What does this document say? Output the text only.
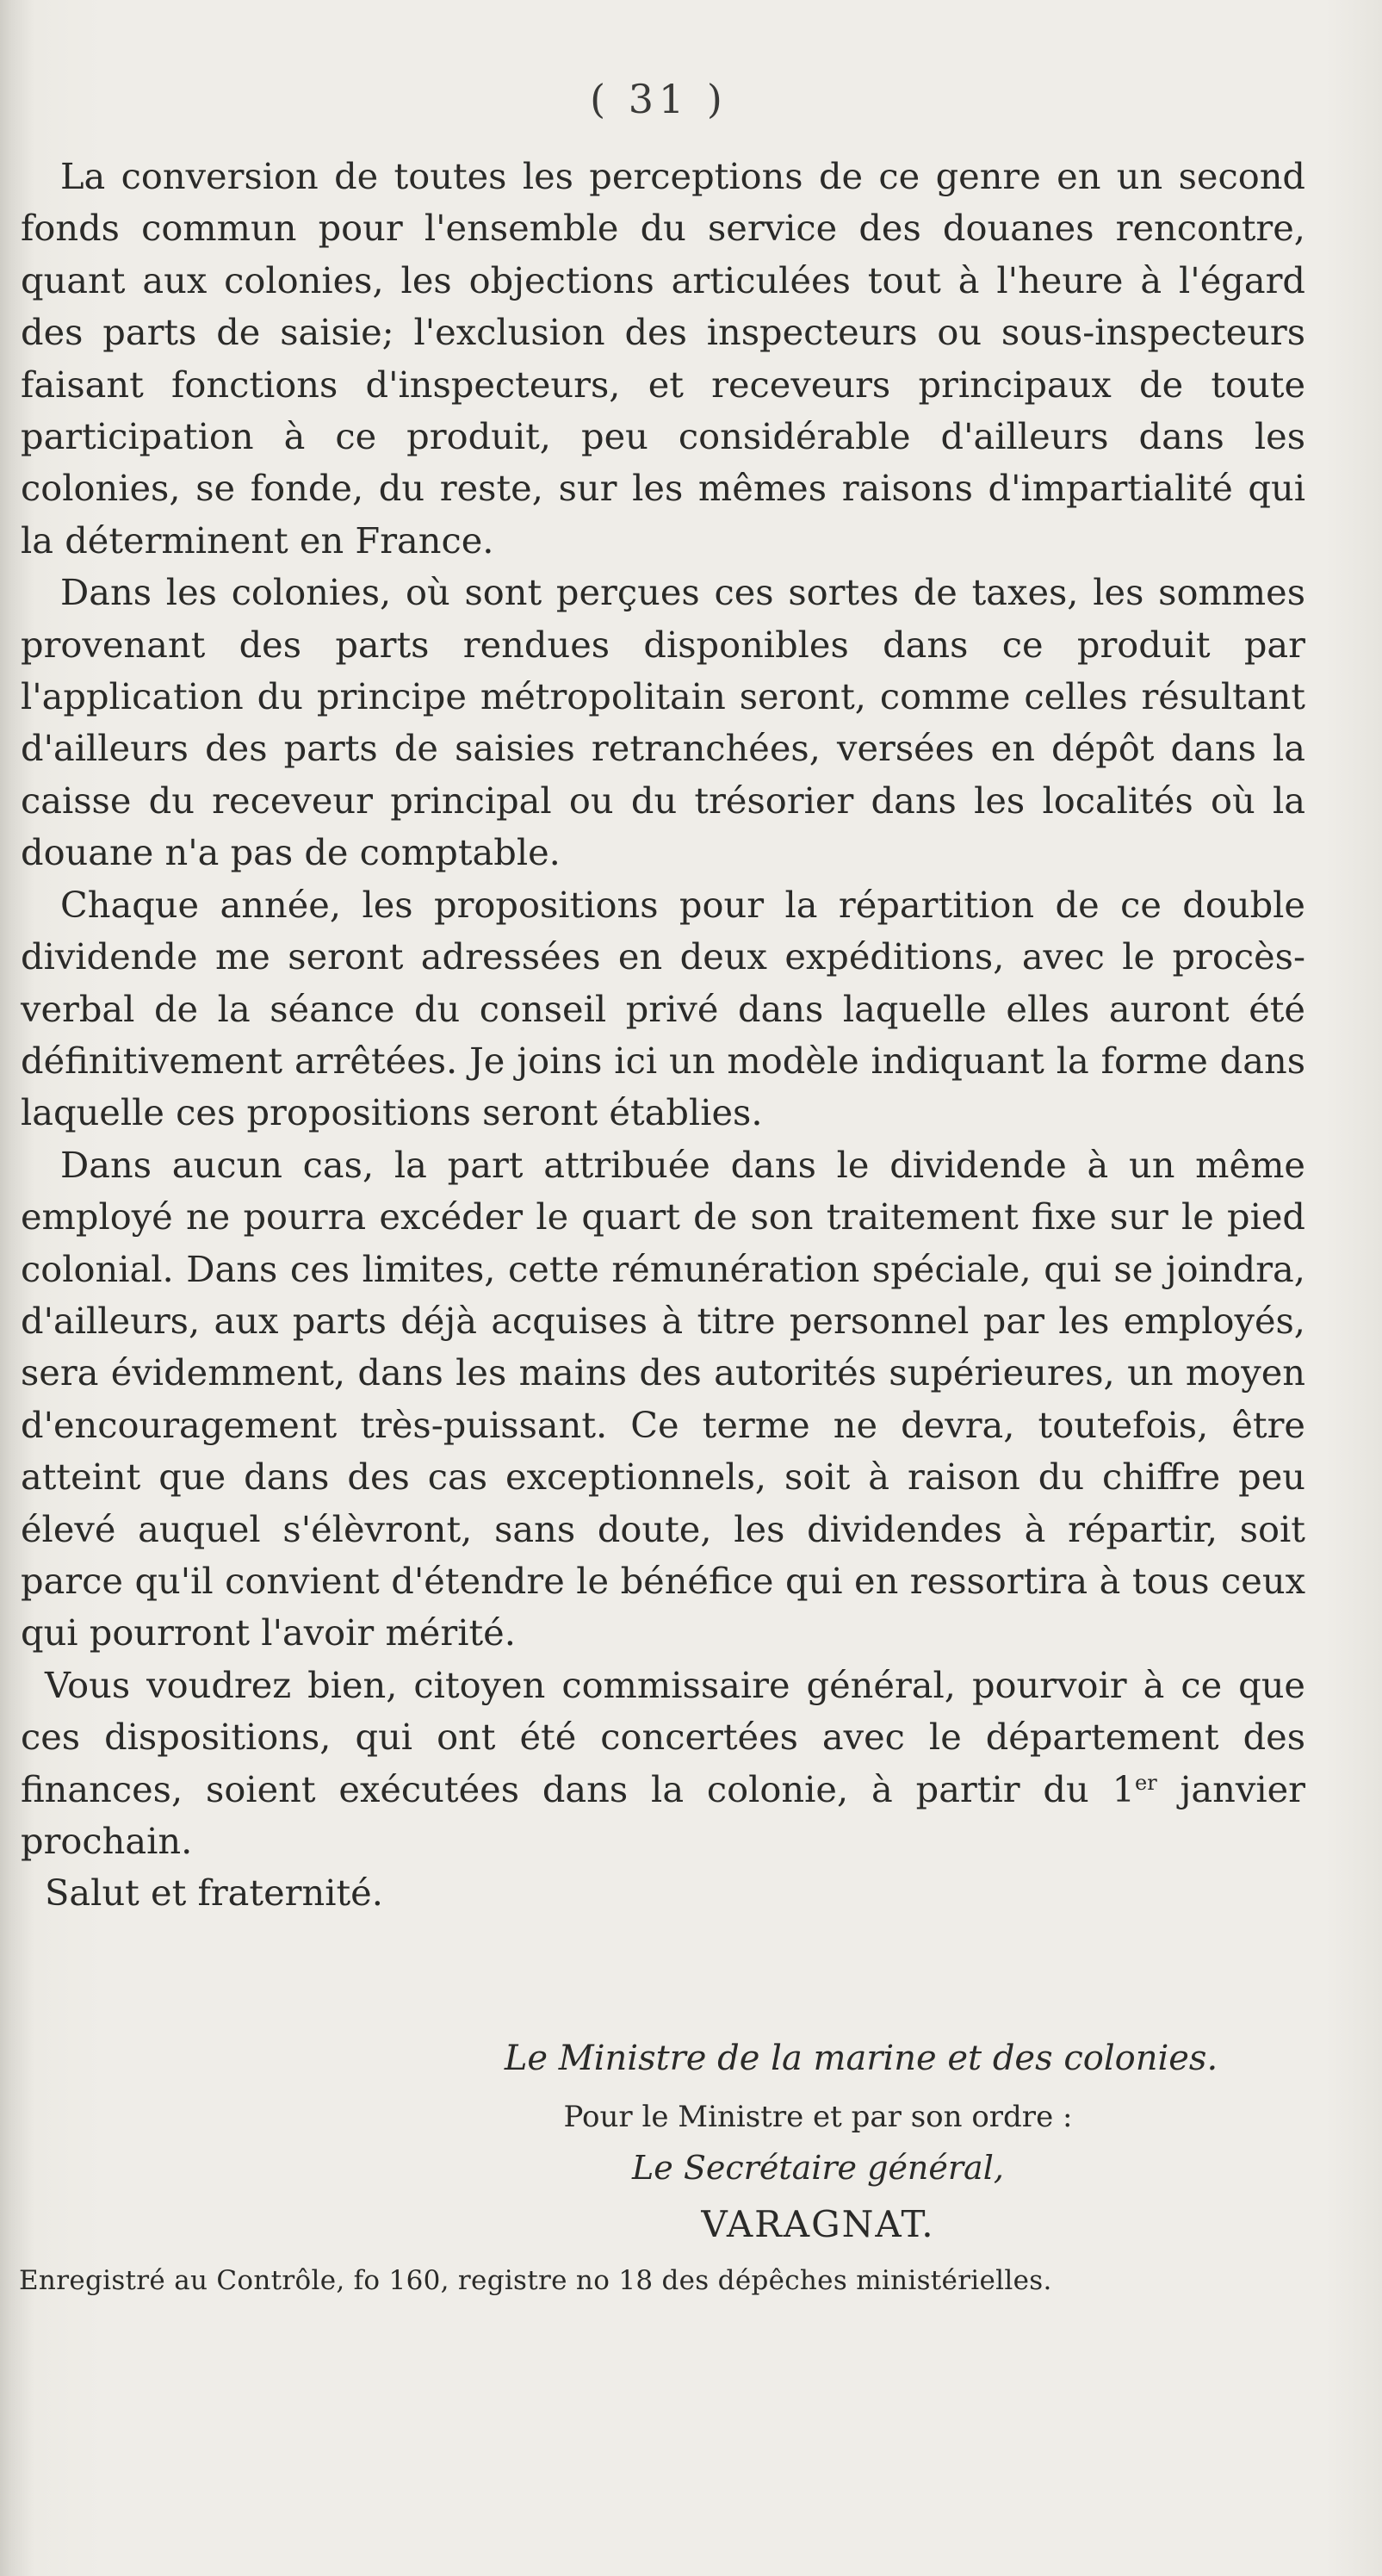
( 31 )

La conversion de toutes les perceptions de ce genre en un second fonds commun pour l'ensemble du service des douanes rencontre, quant aux colonies, les objections articulées tout à l'heure à l'égard des parts de saisie; l'exclusion des inspecteurs ou sous-inspecteurs faisant fonctions d'inspecteurs, et receveurs principaux de toute participation à ce produit, peu considérable d'ailleurs dans les colonies, se fonde, du reste, sur les mêmes raisons d'impartialité qui la déterminent en France.

Dans les colonies, où sont perçues ces sortes de taxes, les sommes provenant des parts rendues disponibles dans ce produit par l'application du principe métropolitain seront, comme celles résultant d'ailleurs des parts de saisies retranchées, versées en dépôt dans la caisse du receveur principal ou du trésorier dans les localités où la douane n'a pas de comptable.

Chaque année, les propositions pour la répartition de ce double dividende me seront adressées en deux expéditions, avec le procès-verbal de la séance du conseil privé dans laquelle elles auront été définitivement arrêtées. Je joins ici un modèle indiquant la forme dans laquelle ces propositions seront établies.

Dans aucun cas, la part attribuée dans le dividende à un même employé ne pourra excéder le quart de son traitement fixe sur le pied colonial. Dans ces limites, cette rémunération spéciale, qui se joindra, d'ailleurs, aux parts déjà acquises à titre personnel par les employés, sera évidemment, dans les mains des autorités supérieures, un moyen d'encouragement très-puissant. Ce terme ne devra, toutefois, être atteint que dans des cas exceptionnels, soit à raison du chiffre peu élevé auquel s'élèvront, sans doute, les dividendes à répartir, soit parce qu'il convient d'étendre le bénéfice qui en ressortira à tous ceux qui pourront l'avoir mérité.

Vous voudrez bien, citoyen commissaire général, pourvoir à ce que ces dispositions, qui ont été concertées avec le département des finances, soient exécutées dans la colonie, à partir du 1er janvier prochain.

Salut et fraternité.

Le Ministre de la marine et des colonies.
Pour le Ministre et par son ordre :
Le Secrétaire général,
VARAGNAT.
Enregistré au Contrôle, fo 160, registre no 18 des dépêches ministérielles.
